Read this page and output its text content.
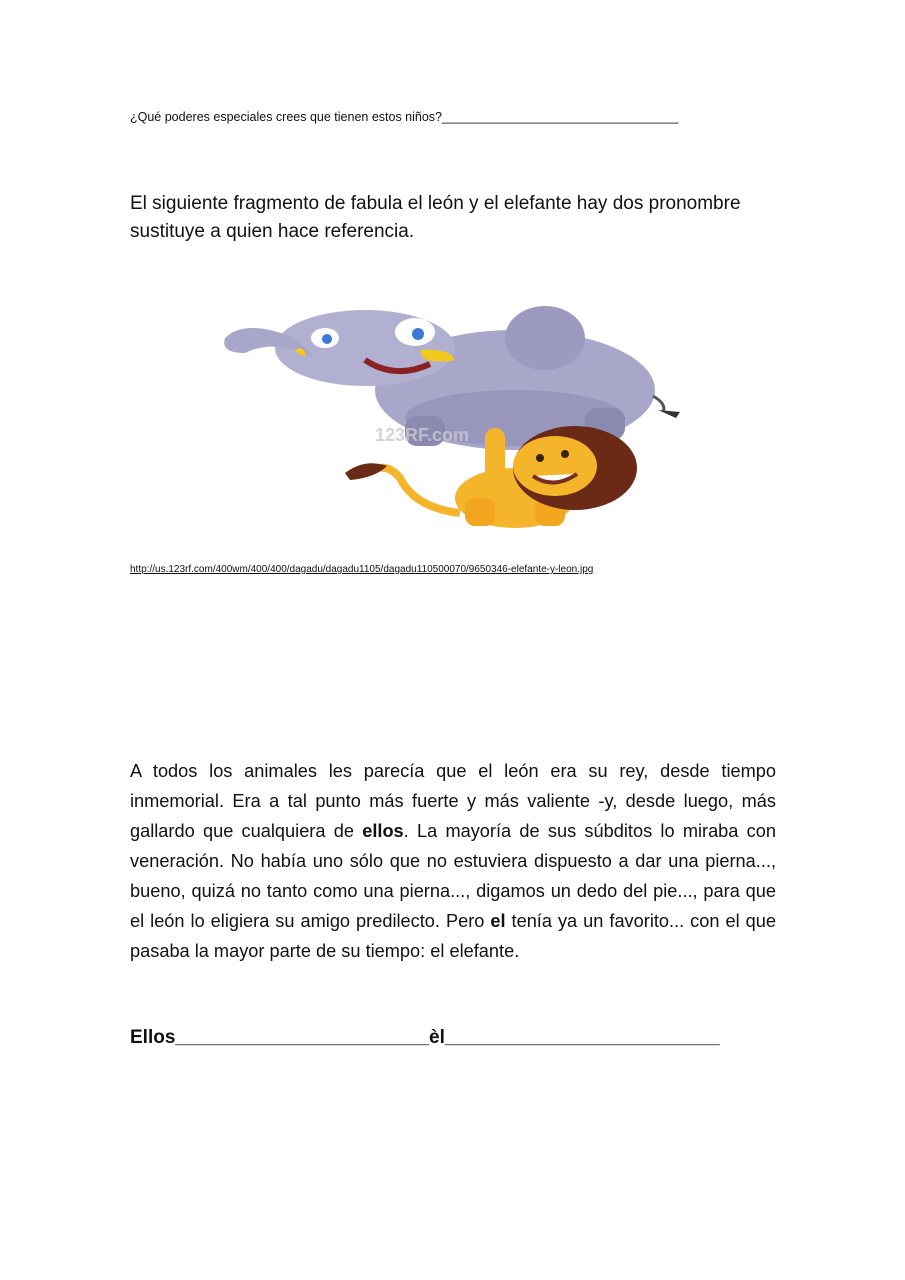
¿Qué poderes especiales crees que tienen estos niños?__________________________________
El siguiente fragmento de fabula el león y el elefante hay dos pronombre sustituye a quien hace referencia.
123RF.com
http://us.123rf.com/400wm/400/400/dagadu/dagadu1105/dagadu110500070/9650346-elefante-y-leon.jpg

A todos los animales les parecía que el león era su rey, desde tiempo inmemorial. Era a tal punto más fuerte y más valiente -y, desde luego, más gallardo que cualquiera de ellos. La mayoría de sus súbditos lo miraba con veneración. No había uno sólo que no estuviera dispuesto a dar una pierna..., bueno, quizá no tanto como una pierna..., digamos un dedo del pie..., para que el león lo eligiera su amigo predilecto. Pero el tenía ya un favorito... con el que pasaba la mayor parte de su tiempo: el elefante.

Ellos________________________èl__________________________
